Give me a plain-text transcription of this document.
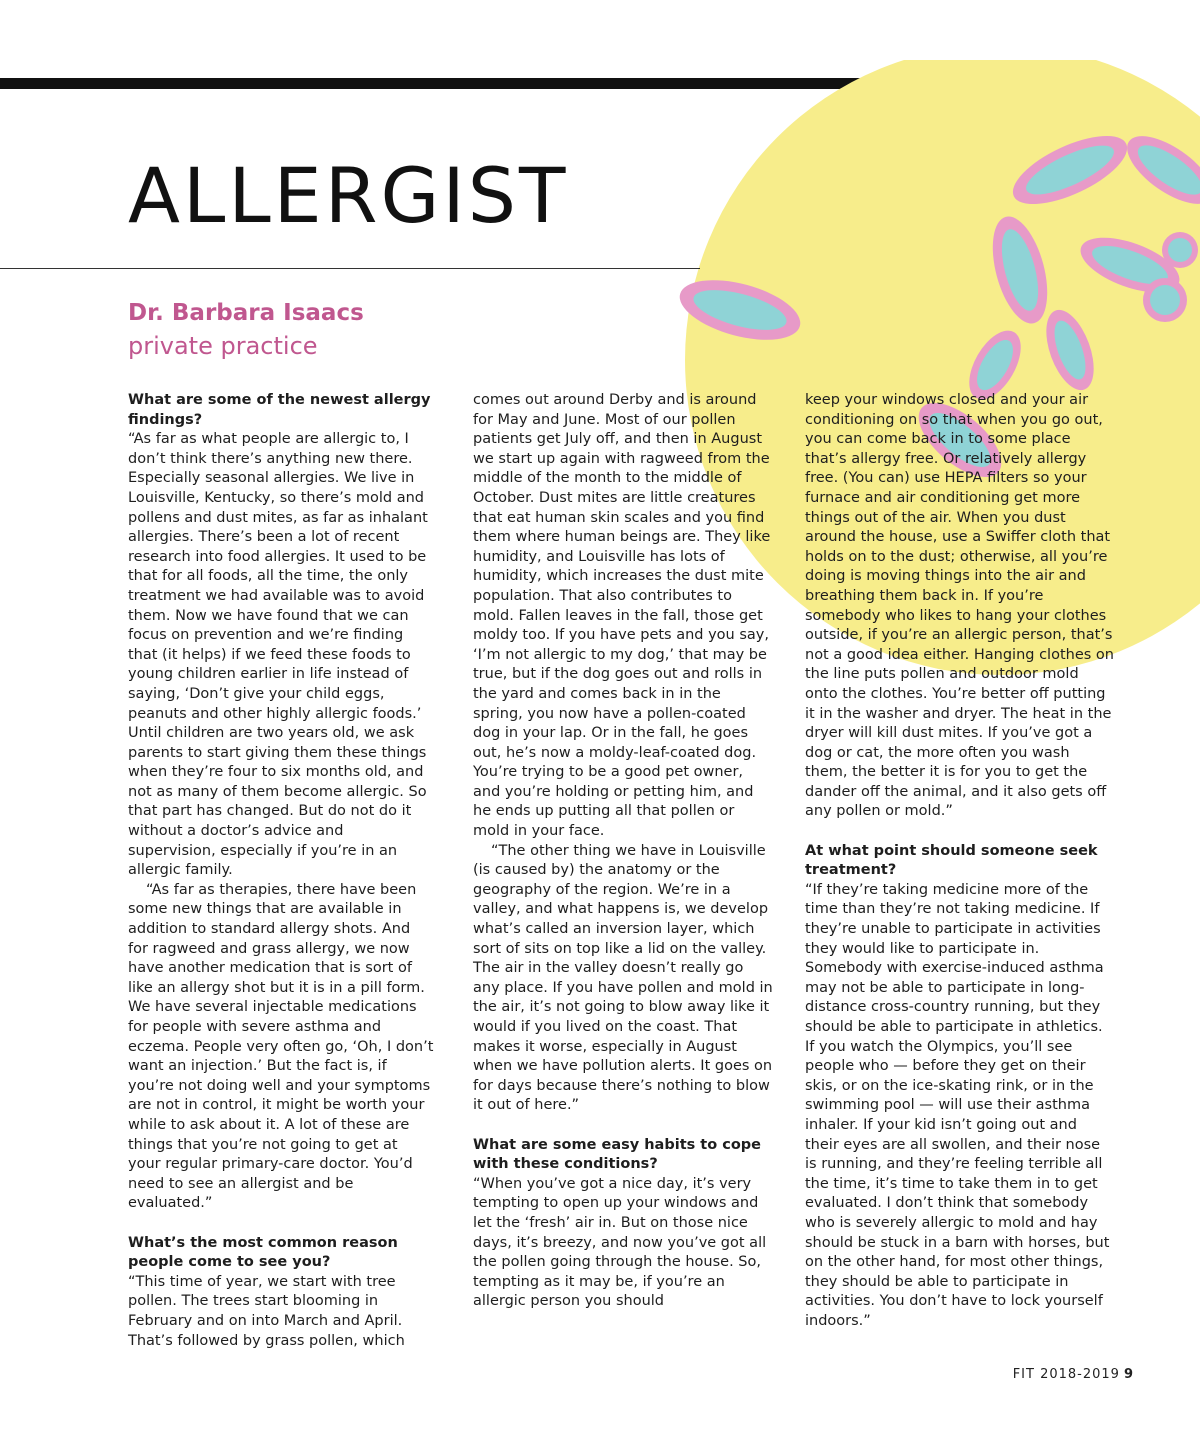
ALLERGIST

Dr. Barbara Isaacs

private practice

What are some of the newest allergy findings?

“As far as what people are allergic to, I don’t think there’s anything new there. Especially seasonal allergies. We live in Louisville, Kentucky, so there’s mold and pollens and dust mites, as far as inhalant allergies. There’s been a lot of recent research into food allergies. It used to be that for all foods, all the time, the only treatment we had available was to avoid them. Now we have found that we can focus on prevention and we’re finding that (it helps) if we feed these foods to young children earlier in life instead of saying, ‘Don’t give your child eggs, peanuts and other highly allergic foods.’ Until children are two years old, we ask parents to start giving them these things when they’re four to six months old, and not as many of them become allergic. So that part has changed. But do not do it without a doctor’s advice and supervision, especially if you’re in an allergic family.

“As far as therapies, there have been some new things that are available in addition to standard allergy shots. And for ragweed and grass allergy, we now have another medication that is sort of like an allergy shot but it is in a pill form. We have several injectable medications for people with severe asthma and eczema. People very often go, ‘Oh, I don’t want an injection.’ But the fact is, if you’re not doing well and your symptoms are not in control, it might be worth your while to ask about it. A lot of these are things that you’re not going to get at your regular primary-care doctor. You’d need to see an allergist and be evaluated.”

What’s the most common reason people come to see you?

“This time of year, we start with tree pollen. The trees start blooming in February and on into March and April. That’s followed by grass pollen, which

comes out around Derby and is around for May and June. Most of our pollen patients get July off, and then in August we start up again with ragweed from the middle of the month to the middle of October. Dust mites are little creatures that eat human skin scales and you find them where human beings are. They like humidity, and Louisville has lots of humidity, which increases the dust mite population. That also contributes to mold. Fallen leaves in the fall, those get moldy too. If you have pets and you say, ‘I’m not allergic to my dog,’ that may be true, but if the dog goes out and rolls in the yard and comes back in in the spring, you now have a pollen-coated dog in your lap. Or in the fall, he goes out, he’s now a moldy-leaf-coated dog. You’re trying to be a good pet owner, and you’re holding or petting him, and he ends up putting all that pollen or mold in your face.

“The other thing we have in Louisville (is caused by) the anatomy or the geography of the region. We’re in a valley, and what happens is, we develop what’s called an inversion layer, which sort of sits on top like a lid on the valley. The air in the valley doesn’t really go any place. If you have pollen and mold in the air, it’s not going to blow away like it would if you lived on the coast. That makes it worse, especially in August when we have pollution alerts. It goes on for days because there’s nothing to blow it out of here.”

What are some easy habits to cope with these conditions?

“When you’ve got a nice day, it’s very tempting to open up your windows and let the ‘fresh’ air in. But on those nice days, it’s breezy, and now you’ve got all the pollen going through the house. So, tempting as it may be, if you’re an allergic person you should

keep your windows closed and your air conditioning on so that when you go out, you can come back in to some place that’s allergy free. Or relatively allergy free. (You can) use HEPA filters so your furnace and air conditioning get more things out of the air. When you dust around the house, use a Swiffer cloth that holds on to the dust; otherwise, all you’re doing is moving things into the air and breathing them back in. If you’re somebody who likes to hang your clothes outside, if you’re an allergic person, that’s not a good idea either. Hanging clothes on the line puts pollen and outdoor mold onto the clothes. You’re better off putting it in the washer and dryer. The heat in the dryer will kill dust mites. If you’ve got a dog or cat, the more often you wash them, the better it is for you to get the dander off the animal, and it also gets off any pollen or mold.”

At what point should someone seek treatment?

“If they’re taking medicine more of the time than they’re not taking medicine. If they’re unable to participate in activities they would like to participate in. Somebody with exercise-induced asthma may not be able to participate in long-distance cross-country running, but they should be able to participate in athletics. If you watch the Olympics, you’ll see people who — before they get on their skis, or on the ice-skating rink, or in the swimming pool — will use their asthma inhaler. If your kid isn’t going out and their eyes are all swollen, and their nose is running, and they’re feeling terrible all the time, it’s time to take them in to get evaluated. I don’t think that somebody who is severely allergic to mold and hay should be stuck in a barn with horses, but on the other hand, for most other things, they should be able to participate in activities. You don’t have to lock yourself indoors.”

FIT 2018-2019 9
